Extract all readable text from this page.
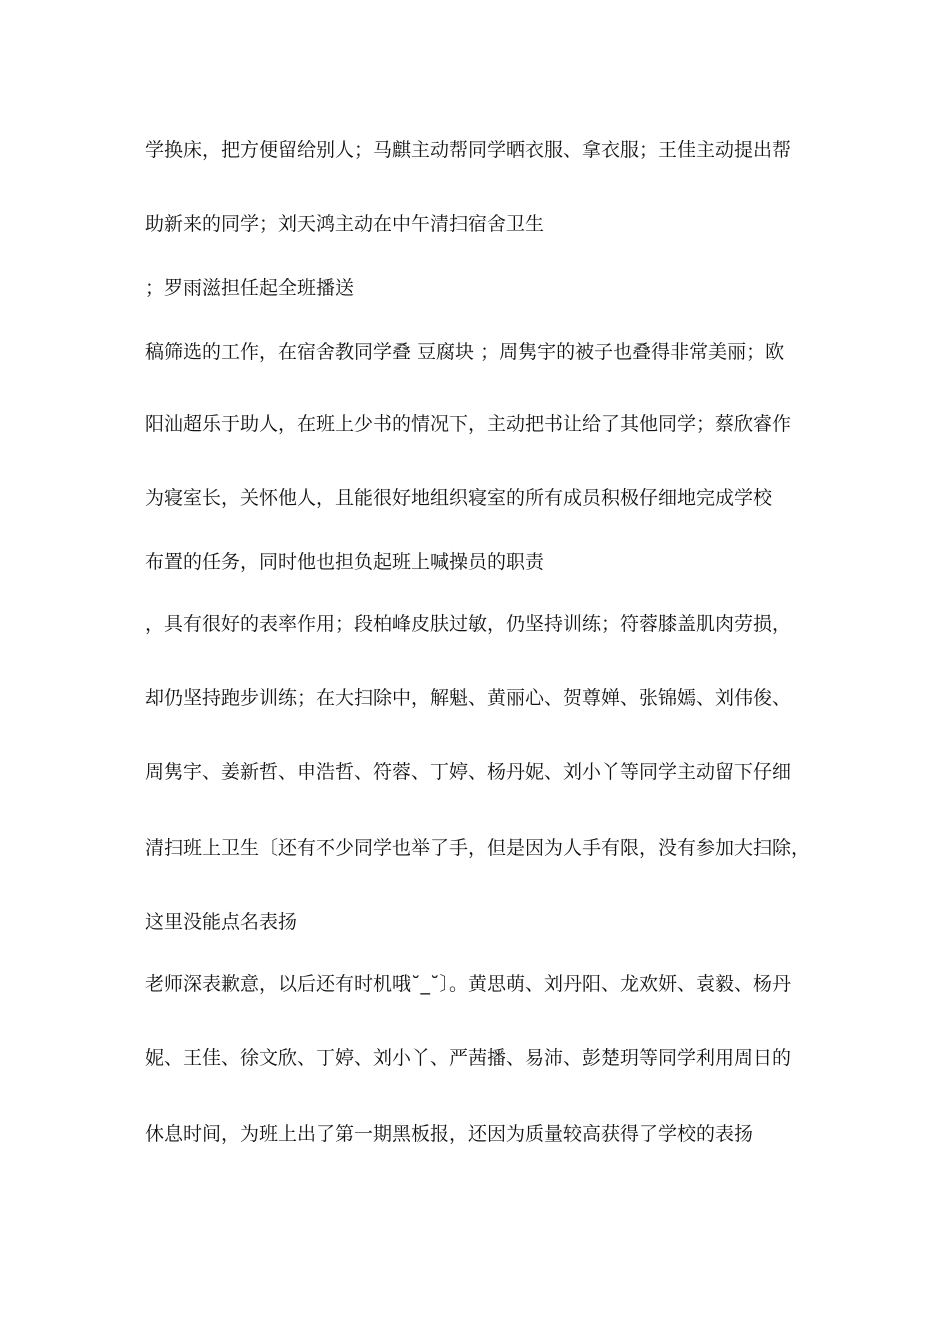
学换床，把方便留给别人；马麒主动帮同学晒衣服、拿衣服；王佳主动提出帮
助新来的同学；刘天鸿主动在中午清扫宿舍卫生
；罗雨滋担任起全班播送
稿筛选的工作，在宿舍教同学叠 豆腐块 ；周隽宇的被子也叠得非常美丽；欧
阳汕超乐于助人，在班上少书的情况下，主动把书让给了其他同学；蔡欣睿作
为寝室长，关怀他人，且能很好地组织寝室的所有成员积极仔细地完成学校
布置的任务，同时他也担负起班上喊操员的职责
，具有很好的表率作用；段柏峰皮肤过敏，仍坚持训练；符蓉膝盖肌肉劳损，
却仍坚持跑步训练；在大扫除中，解魁、黄丽心、贺尊婵、张锦嫣、刘伟俊、
周隽宇、姜新哲、申浩哲、符蓉、丁婷、杨丹妮、刘小丫等同学主动留下仔细
清扫班上卫生〔还有不少同学也举了手，但是因为人手有限，没有参加大扫除，
这里没能点名表扬
老师深表歉意，以后还有时机哦˘_˘〕。黄思萌、刘丹阳、龙欢妍、袁毅、杨丹
妮、王佳、徐文欣、丁婷、刘小丫、严茜播、易沛、彭楚玥等同学利用周日的
休息时间，为班上出了第一期黑板报，还因为质量较高获得了学校的表扬
